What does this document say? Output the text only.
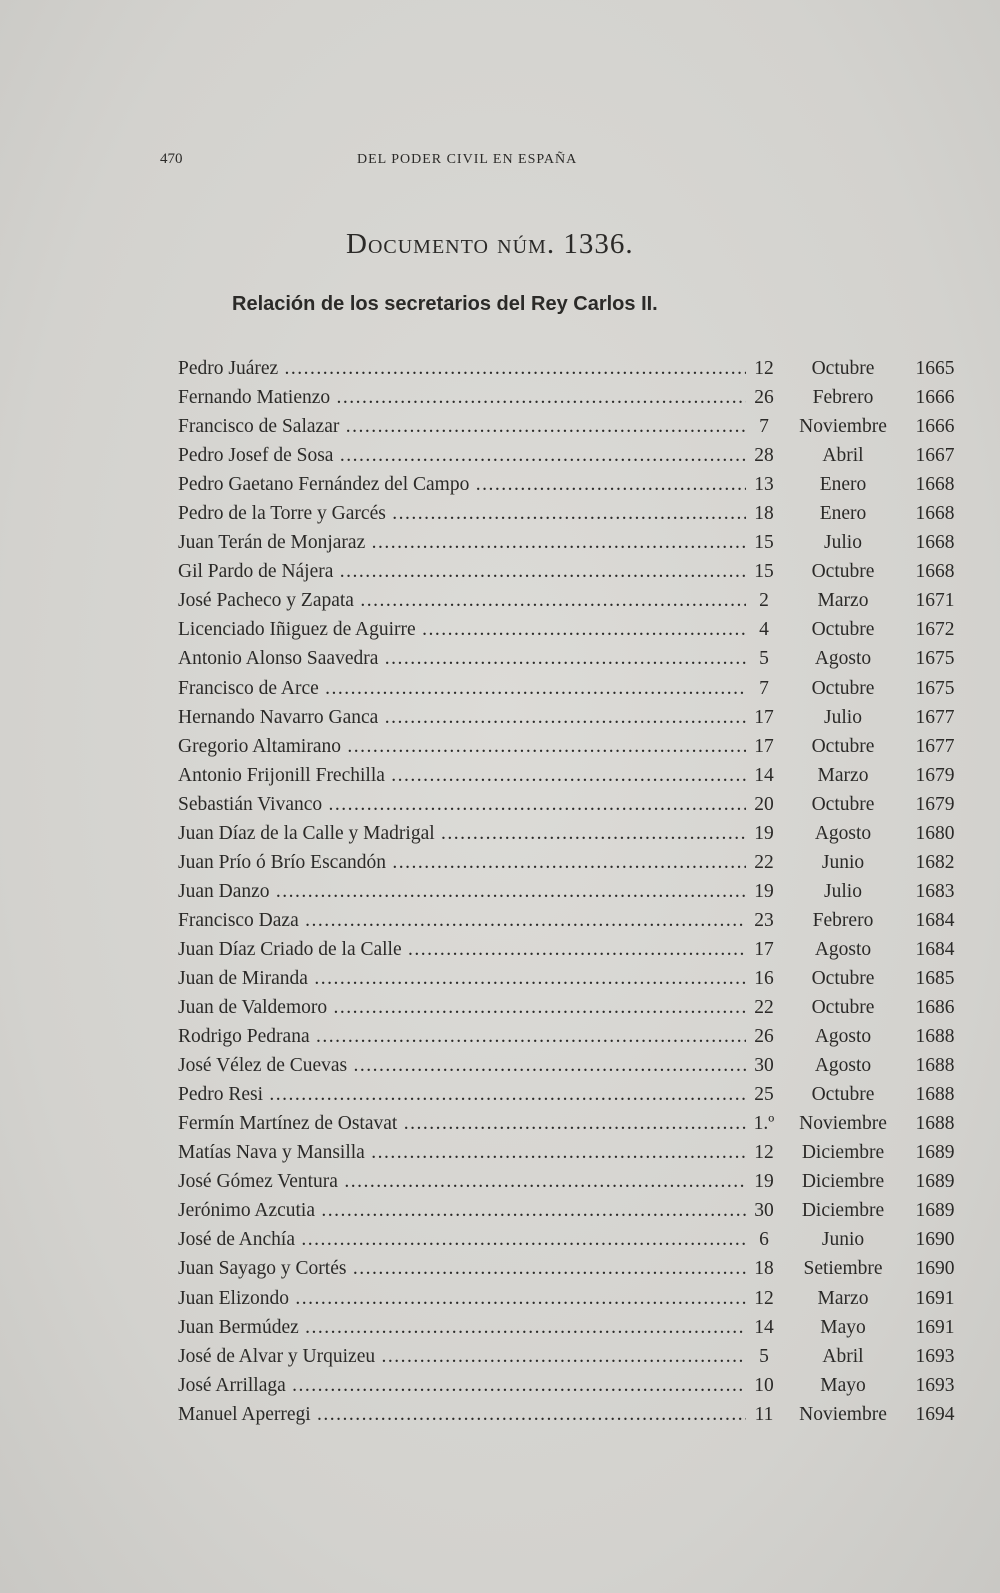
470	DEL PODER CIVIL EN ESPAÑA
Documento núm. 1336.
Relación de los secretarios del Rey Carlos II.
Pedro Juárez .....	12	Octubre	1665
Fernando Matienzo .....	26	Febrero	1666
Francisco de Salazar .....	7	Noviembre	1666
Pedro Josef de Sosa .....	28	Abril	1667
Pedro Gaetano Fernández del Campo .....	13	Enero	1668
Pedro de la Torre y Garcés .....	18	Enero	1668
Juan Terán de Monjaraz .....	15	Julio	1668
Gil Pardo de Nájera .....	15	Octubre	1668
José Pacheco y Zapata .....	2	Marzo	1671
Licenciado Iñiguez de Aguirre .....	4	Octubre	1672
Antonio Alonso Saavedra .....	5	Agosto	1675
Francisco de Arce .....	7	Octubre	1675
Hernando Navarro Ganca .....	17	Julio	1677
Gregorio Altamirano .....	17	Octubre	1677
Antonio Frijonill Frechilla .....	14	Marzo	1679
Sebastián Vivanco .....	20	Octubre	1679
Juan Díaz de la Calle y Madrigal .....	19	Agosto	1680
Juan Prío ó Brío Escandón .....	22	Junio	1682
Juan Danzo .....	19	Julio	1683
Francisco Daza .....	23	Febrero	1684
Juan Díaz Criado de la Calle .....	17	Agosto	1684
Juan de Miranda .....	16	Octubre	1685
Juan de Valdemoro .....	22	Octubre	1686
Rodrigo Pedrana .....	26	Agosto	1688
José Vélez de Cuevas .....	30	Agosto	1688
Pedro Resi .....	25	Octubre	1688
Fermín Martínez de Ostavat .....	1.º	Noviembre	1688
Matías Nava y Mansilla .....	12	Diciembre	1689
José Gómez Ventura .....	19	Diciembre	1689
Jerónimo Azcutia .....	30	Diciembre	1689
José de Anchía .....	6	Junio	1690
Juan Sayago y Cortés .....	18	Setiembre	1690
Juan Elizondo .....	12	Marzo	1691
Juan Bermúdez .....	14	Mayo	1691
José de Alvar y Urquizeu .....	5	Abril	1693
José Arrillaga .....	10	Mayo	1693
Manuel Aperregi .....	11	Noviembre	1694
